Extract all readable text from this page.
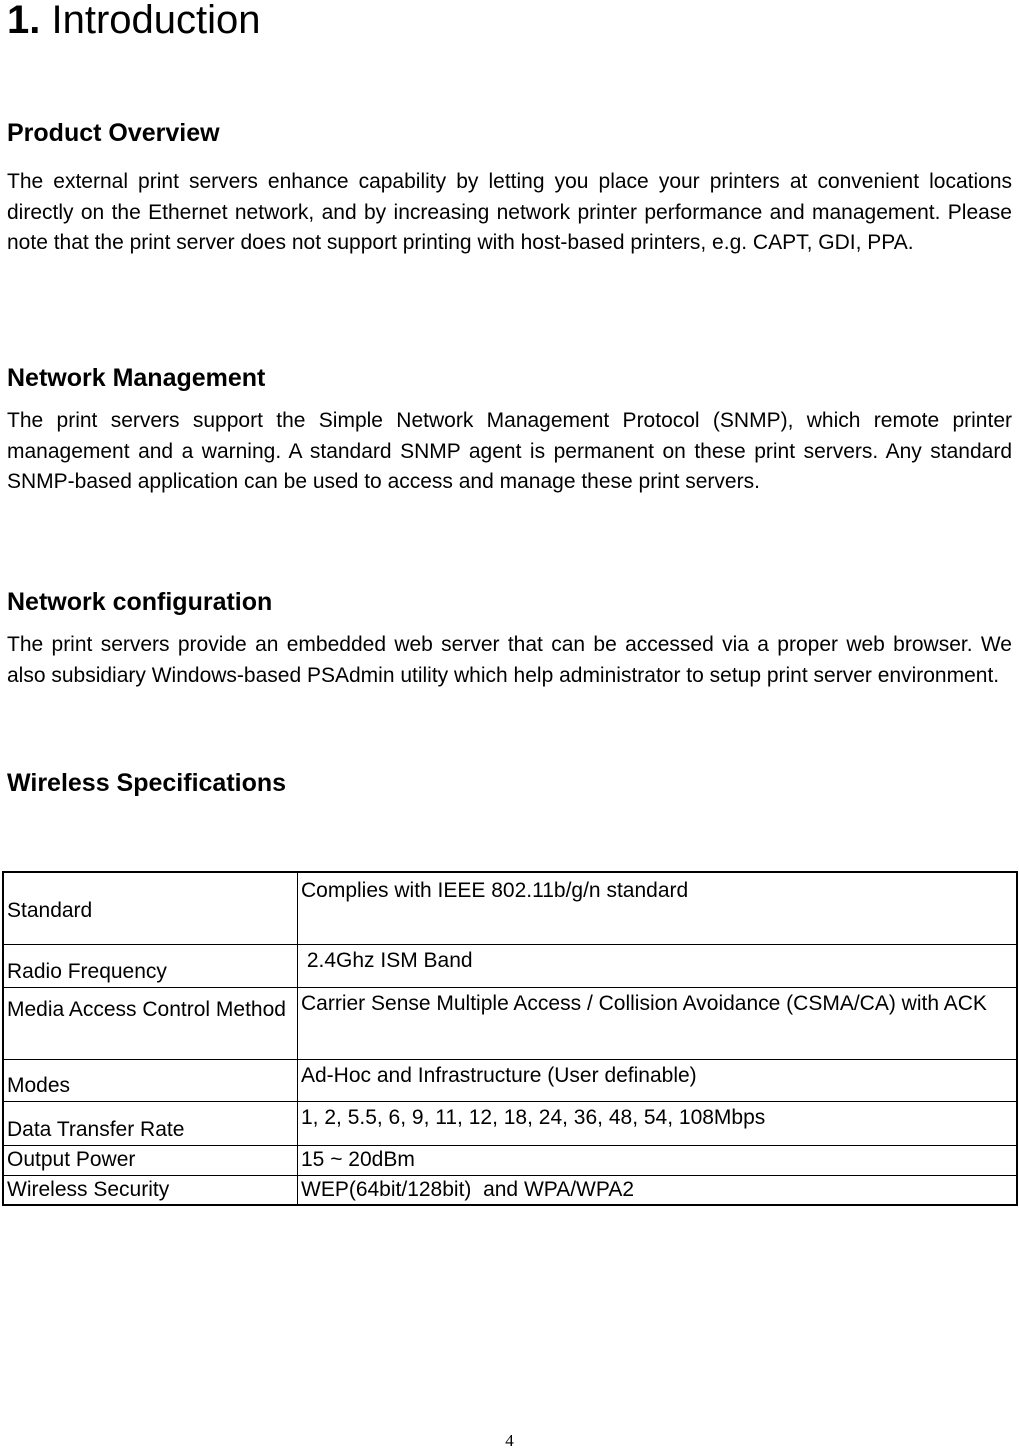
1. Introduction
Product Overview

The external print servers enhance capability by letting you place your printers at convenient locations directly on the Ethernet network, and by increasing network printer performance and management. Please note that the print server does not support printing with host-based printers, e.g. CAPT, GDI, PPA.

Network Management

The print servers support the Simple Network Management Protocol (SNMP), which remote printer management and a warning. A standard SNMP agent is permanent on these print servers. Any standard SNMP-based application can be used to access and manage these print servers.

Network configuration

The print servers provide an embedded web server that can be accessed via a proper web browser. We also subsidiary Windows-based PSAdmin utility which help administrator to setup print server environment.

Wireless Specifications
Standard	Complies with IEEE 802.11b/g/n standard
Radio Frequency	2.4Ghz ISM Band
Media Access Control Method	Carrier Sense Multiple Access / Collision Avoidance (CSMA/CA) with ACK
Modes	Ad-Hoc and Infrastructure (User definable)
Data Transfer Rate	1, 2, 5.5, 6, 9, 11, 12, 18, 24, 36, 48, 54, 108Mbps
Output Power	15 ~ 20dBm
Wireless Security	WEP(64bit/128bit)  and WPA/WPA2
4
